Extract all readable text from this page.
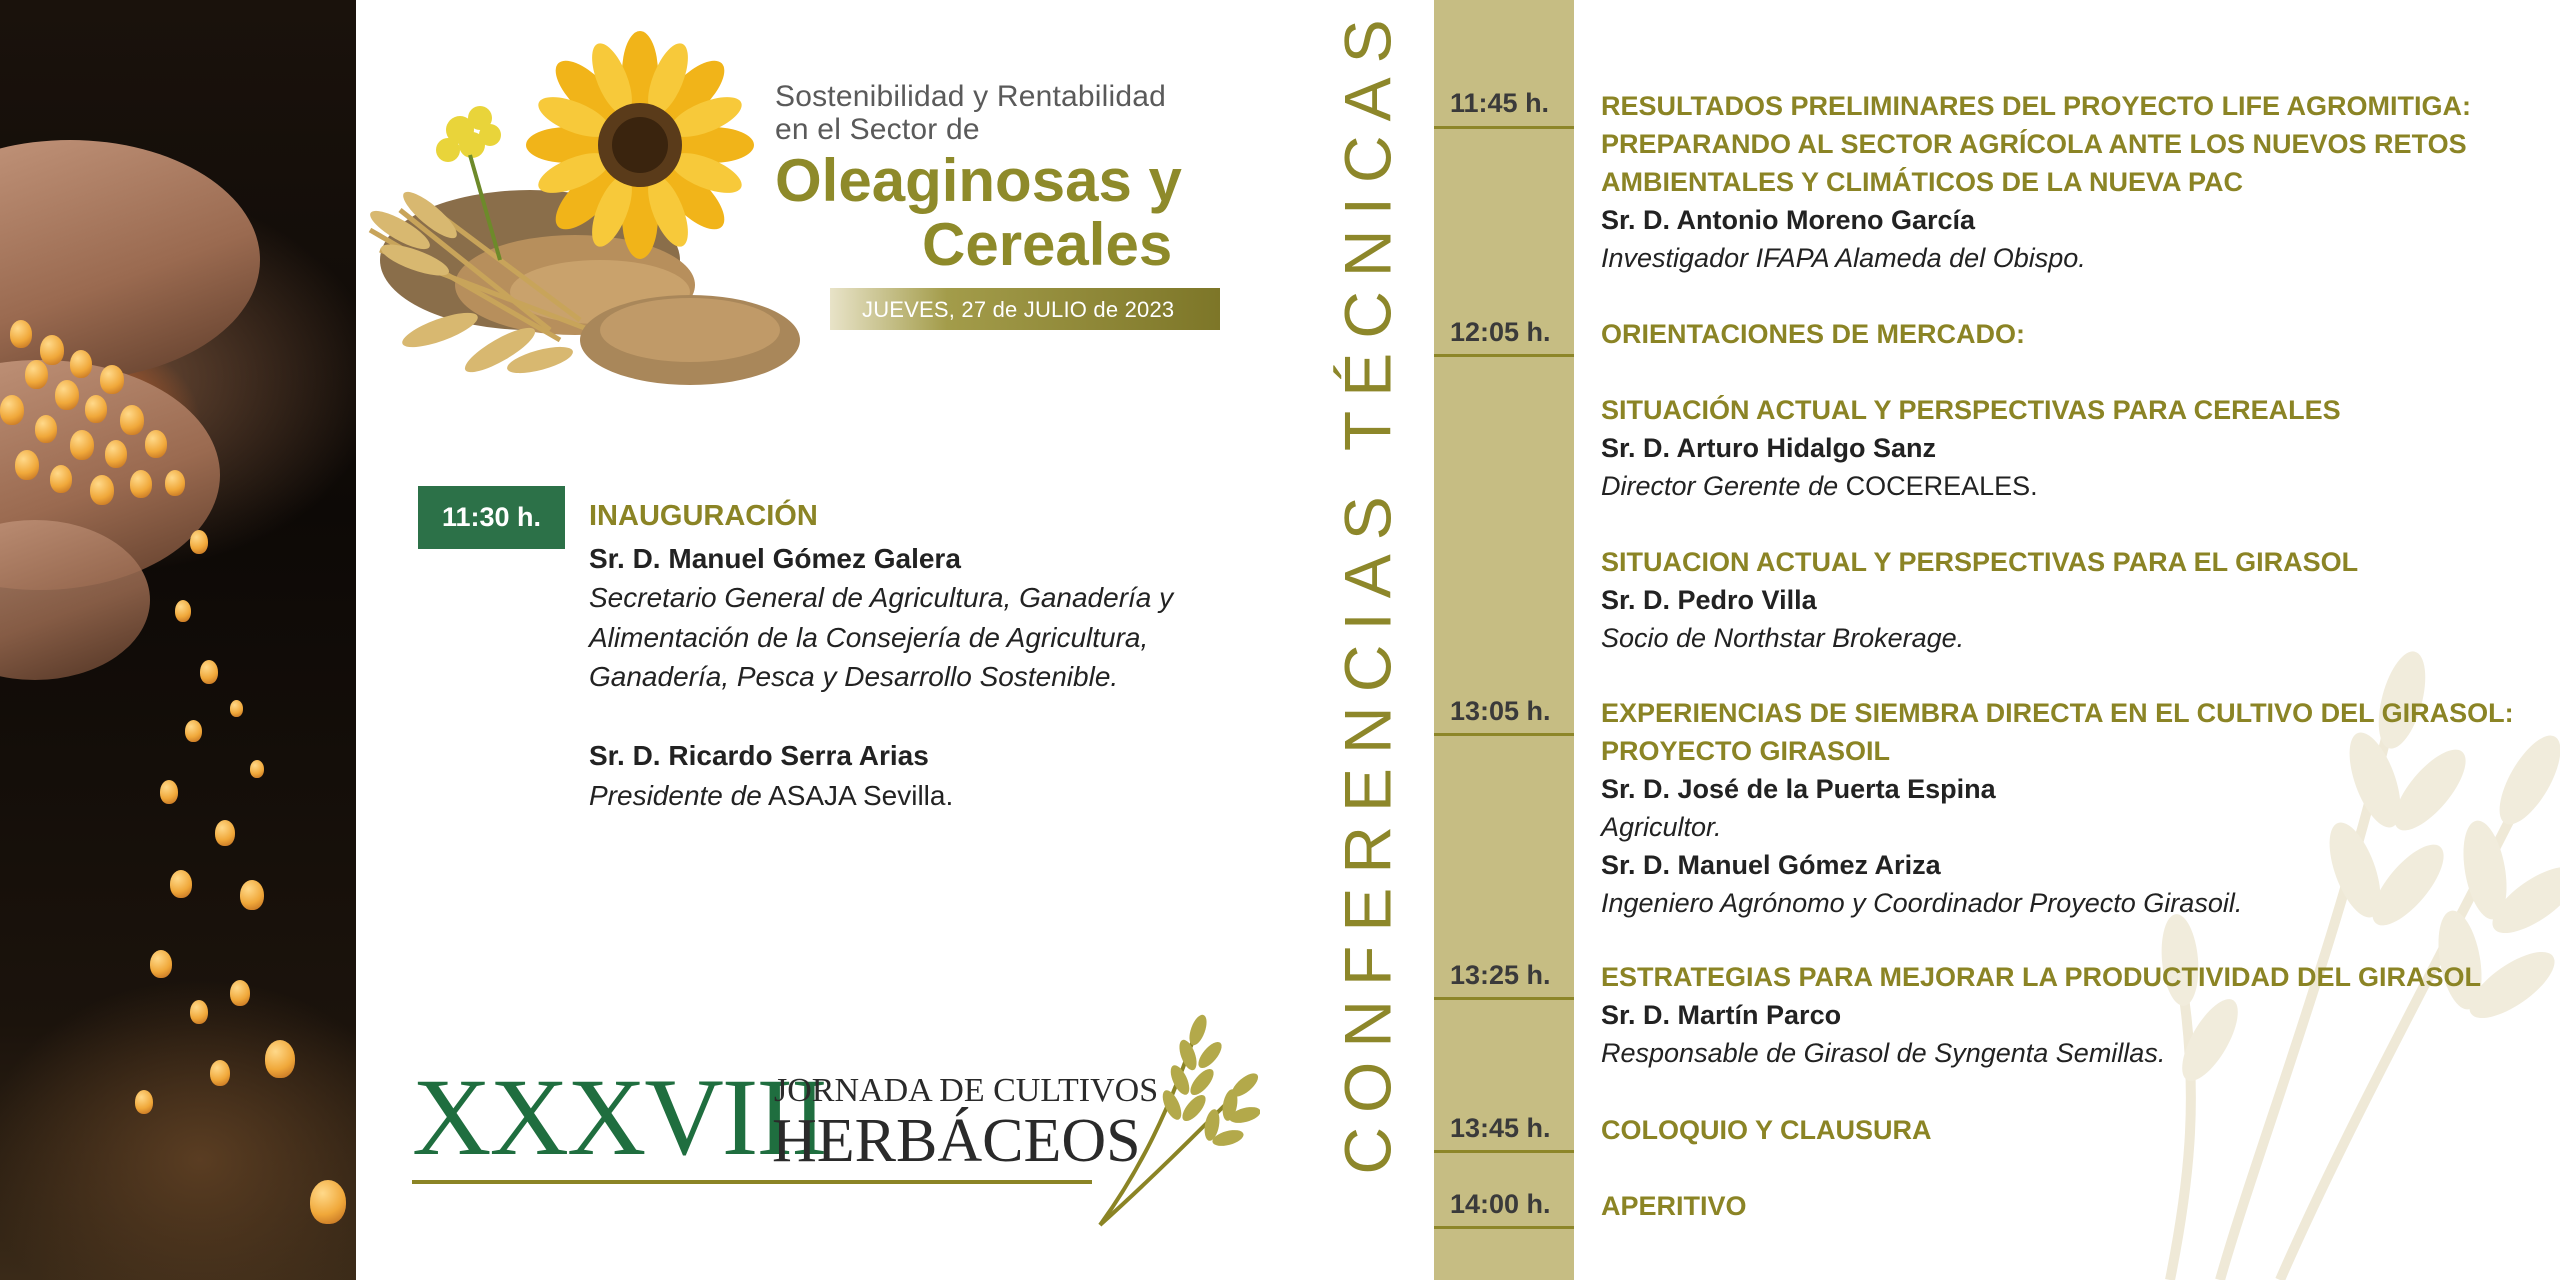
Sostenibilidad y Rentabilidad
en el Sector de
Oleaginosas y
Cereales
JUEVES, 27 de JULIO de 2023
11:30 h.	INAUGURACIÓN
Sr. D. Manuel Gómez Galera
Secretario General de Agricultura, Ganadería y
Alimentación de la Consejería de Agricultura,
Ganadería, Pesca y Desarrollo Sostenible.
Sr. D. Ricardo Serra Arias
Presidente de ASAJA Sevilla.
XXXVIII
JORNADA DE CULTIVOS
HERBÁCEOS	CONFERENCIAS TÉCNICAS 11:45 h. RESULTADOS PRELIMINARES DEL PROYECTO LIFE AGROMITIGA:
PREPARANDO AL SECTOR AGRÍCOLA ANTE LOS NUEVOS RETOS
AMBIENTALES Y CLIMÁTICOS DE LA NUEVA PAC
Sr. D. Antonio Moreno García
Investigador IFAPA Alameda del Obispo.
12:05 h. ORIENTACIONES DE MERCADO:
SITUACIÓN ACTUAL Y PERSPECTIVAS PARA CEREALES
Sr. D. Arturo Hidalgo Sanz
Director Gerente de COCEREALES.
SITUACION ACTUAL Y PERSPECTIVAS PARA EL GIRASOL
Sr. D. Pedro Villa
Socio de Northstar Brokerage.
13:05 h. EXPERIENCIAS DE SIEMBRA DIRECTA EN EL CULTIVO DEL GIRASOL:
PROYECTO GIRASOIL
Sr. D. José de la Puerta Espina
Agricultor.
Sr. D. Manuel Gómez Ariza
Ingeniero Agrónomo y Coordinador Proyecto Girasoil.
13:25 h. ESTRATEGIAS PARA MEJORAR LA PRODUCTIVIDAD DEL GIRASOL
Sr. D. Martín Parco
Responsable de Girasol de Syngenta Semillas.
13:45 h. COLOQUIO Y CLAUSURA
14:00 h. APERITIVO
